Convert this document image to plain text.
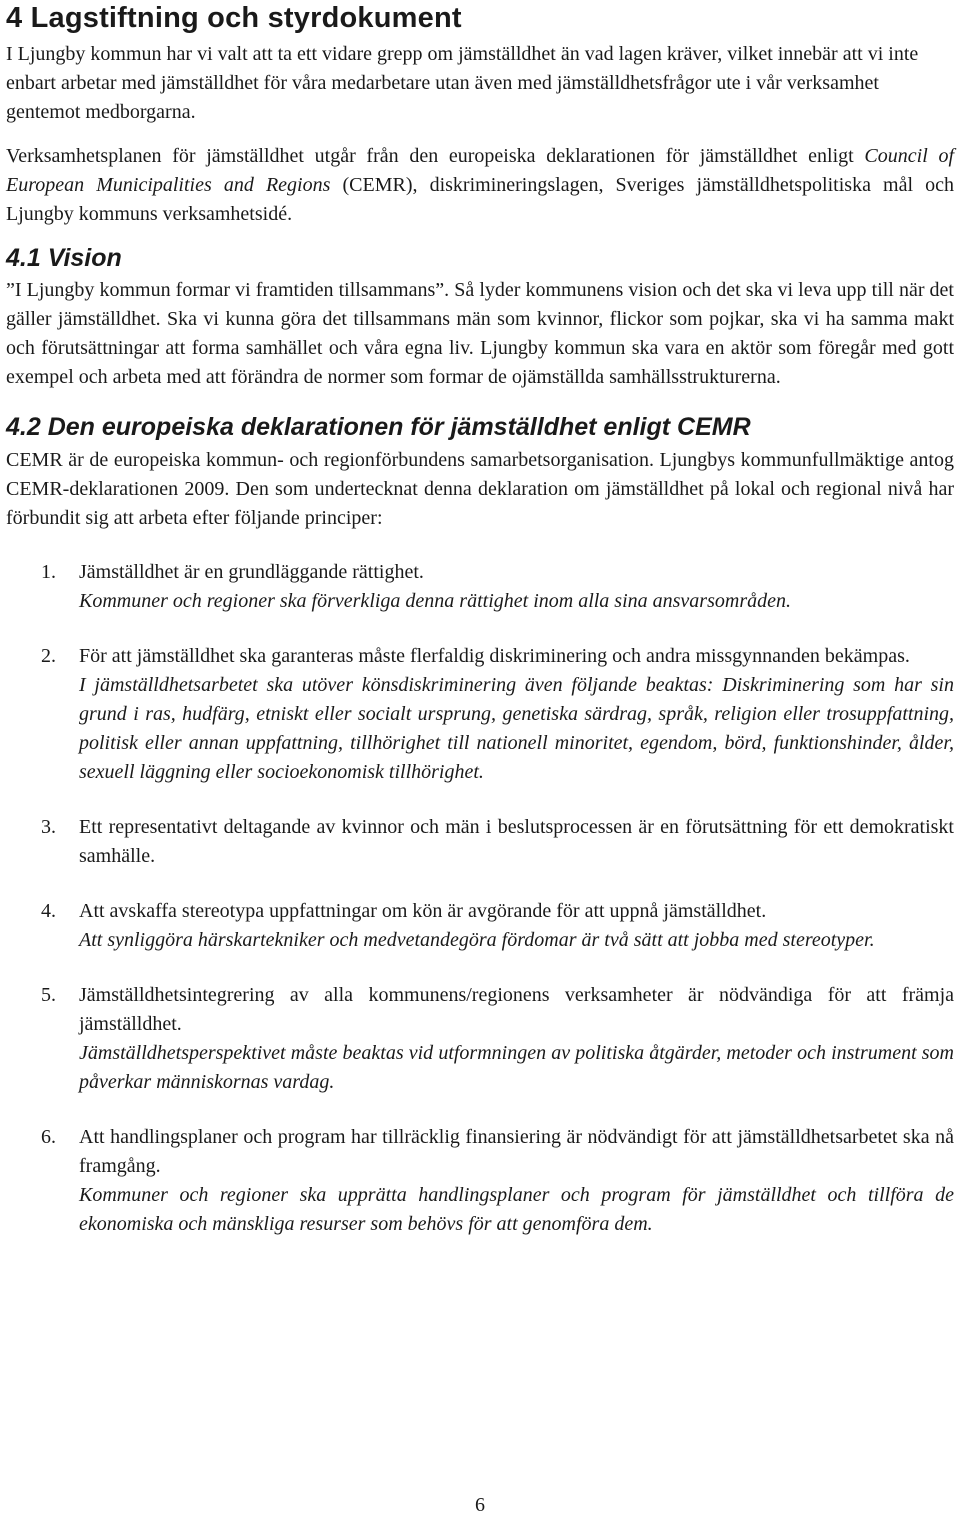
4 Lagstiftning och styrdokument

I Ljungby kommun har vi valt att ta ett vidare grepp om jämställdhet än vad lagen kräver, vilket innebär att vi inte enbart arbetar med jämställdhet för våra medarbetare utan även med jämställdhetsfrågor ute i vår verksamhet gentemot medborgarna.

Verksamhetsplanen för jämställdhet utgår från den europeiska deklarationen för jämställdhet enligt Council of European Municipalities and Regions (CEMR), diskrimineringslagen, Sveriges jämställdhetspolitiska mål och Ljungby kommuns verksamhetsidé.

4.1 Vision

”I Ljungby kommun formar vi framtiden tillsammans”. Så lyder kommunens vision och det ska vi leva upp till när det gäller jämställdhet. Ska vi kunna göra det tillsammans män som kvinnor, flickor som pojkar, ska vi ha samma makt och förutsättningar att forma samhället och våra egna liv. Ljungby kommun ska vara en aktör som föregår med gott exempel och arbeta med att förändra de normer som formar de ojämställda samhällsstrukturerna.

4.2 Den europeiska deklarationen för jämställdhet enligt CEMR

CEMR är de europeiska kommun- och regionförbundens samarbetsorganisation. Ljungbys kommunfullmäktige antog CEMR-deklarationen 2009. Den som undertecknat denna deklaration om jämställdhet på lokal och regional nivå har förbundit sig att arbeta efter följande principer:

1. Jämställdhet är en grundläggande rättighet.
Kommuner och regioner ska förverkliga denna rättighet inom alla sina ansvarsområden.
2. För att jämställdhet ska garanteras måste flerfaldig diskriminering och andra missgynnanden bekämpas.
I jämställdhetsarbetet ska utöver könsdiskriminering även följande beaktas: Diskriminering som har sin grund i ras, hudfärg, etniskt eller socialt ursprung, genetiska särdrag, språk, religion eller trosuppfattning, politisk eller annan uppfattning, tillhörighet till nationell minoritet, egendom, börd, funktionshinder, ålder, sexuell läggning eller socioekonomisk tillhörighet.
3. Ett representativt deltagande av kvinnor och män i beslutsprocessen är en förutsättning för ett demokratiskt samhälle.
4. Att avskaffa stereotypa uppfattningar om kön är avgörande för att uppnå jämställdhet.
Att synliggöra härskartekniker och medvetandegöra fördomar är två sätt att jobba med stereotyper.
5. Jämställdhetsintegrering av alla kommunens/regionens verksamheter är nödvändiga för att främja jämställdhet.
Jämställdhetsperspektivet måste beaktas vid utformningen av politiska åtgärder, metoder och instrument som påverkar människornas vardag.
6. Att handlingsplaner och program har tillräcklig finansiering är nödvändigt för att jämställdhetsarbetet ska nå framgång.
Kommuner och regioner ska upprätta handlingsplaner och program för jämställdhet och tillföra de ekonomiska och mänskliga resurser som behövs för att genomföra dem.
6
